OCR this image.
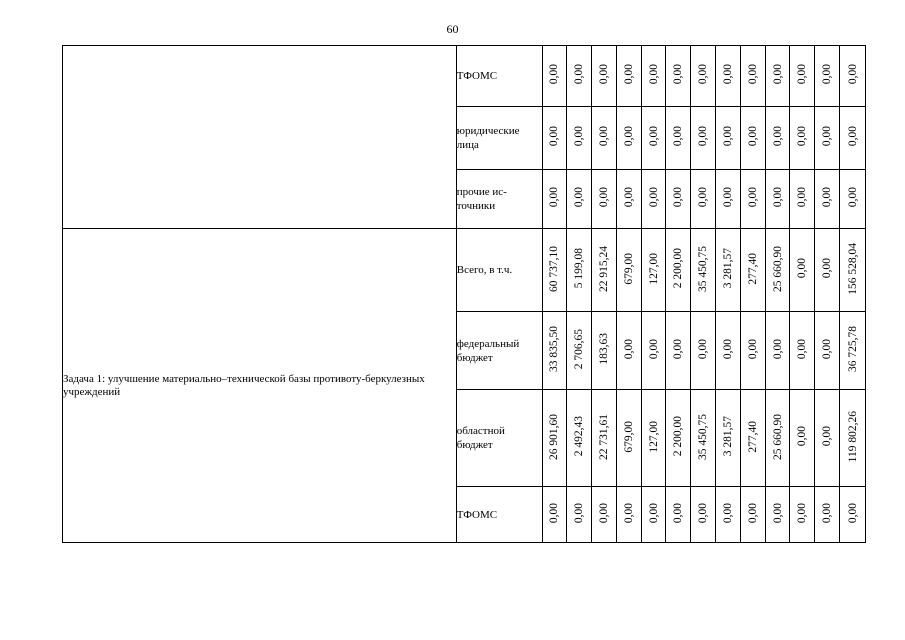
60
	ТФОМС	0,00	0,00	0,00	0,00	0,00	0,00	0,00	0,00	0,00	0,00	0,00	0,00	0,00
	юридические лица	0,00	0,00	0,00	0,00	0,00	0,00	0,00	0,00	0,00	0,00	0,00	0,00	0,00
	прочие ис-точники	0,00	0,00	0,00	0,00	0,00	0,00	0,00	0,00	0,00	0,00	0,00	0,00	0,00
Задача 1: улучшение материально–технической базы противоту-беркулезных учреждений	Всего, в т.ч.	60 737,10	5 199,08	22 915,24	679,00	127,00	2 200,00	35 450,75	3 281,57	277,40	25 660,90	0,00	0,00	156 528,04
	федеральный бюджет	33 835,50	2 706,65	183,63	0,00	0,00	0,00	0,00	0,00	0,00	0,00	0,00	0,00	36 725,78
	областной бюджет	26 901,60	2 492,43	22 731,61	679,00	127,00	2 200,00	35 450,75	3 281,57	277,40	25 660,90	0,00	0,00	119 802,26
	ТФОМС	0,00	0,00	0,00	0,00	0,00	0,00	0,00	0,00	0,00	0,00	0,00	0,00	0,00
